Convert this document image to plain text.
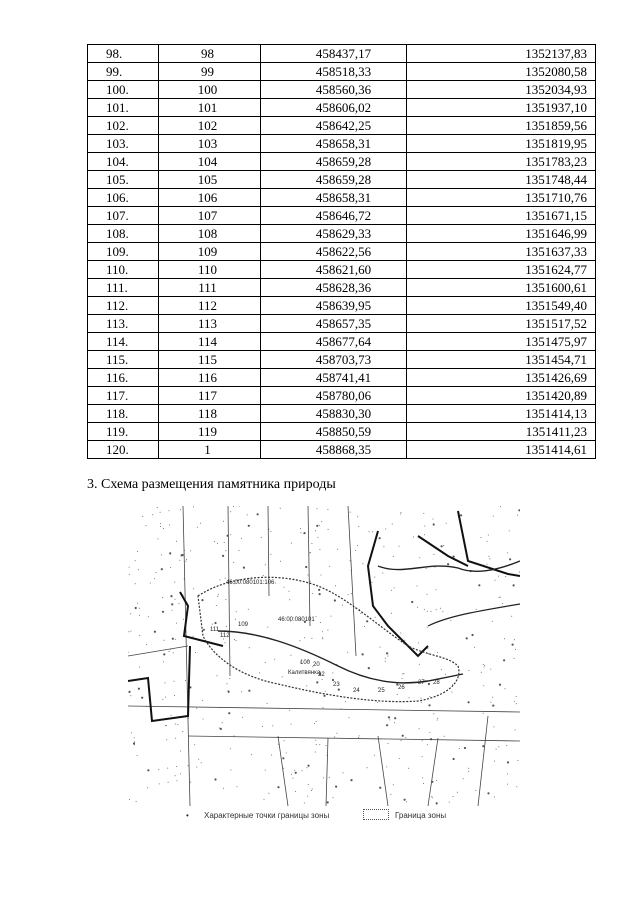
98.	98	458437,17	1352137,83
99.	99	458518,33	1352080,58
100.	100	458560,36	1352034,93
101.	101	458606,02	1351937,10
102.	102	458642,25	1351859,56
103.	103	458658,31	1351819,95
104.	104	458659,28	1351783,23
105.	105	458659,28	1351748,44
106.	106	458658,31	1351710,76
107.	107	458646,72	1351671,15
108.	108	458629,33	1351646,99
109.	109	458622,56	1351637,33
110.	110	458621,60	1351624,77
111.	111	458628,36	1351600,61
112.	112	458639,95	1351549,40
113.	113	458657,35	1351517,52
114.	114	458677,64	1351475,97
115.	115	458703,73	1351454,71
116.	116	458741,41	1351426,69
117.	117	458780,06	1351420,89
118.	118	458830,30	1351414,13
119.	119	458850,59	1351411,23
120.	1	458868,35	1351414,61
3. Схема размещения памятника природы
46:00:080101:106
46:00:080101
Калитвянка
100
109
111
112
20
22
23
24	25 26
27 28
• Характерные точки границы зоны	Граница зоны
